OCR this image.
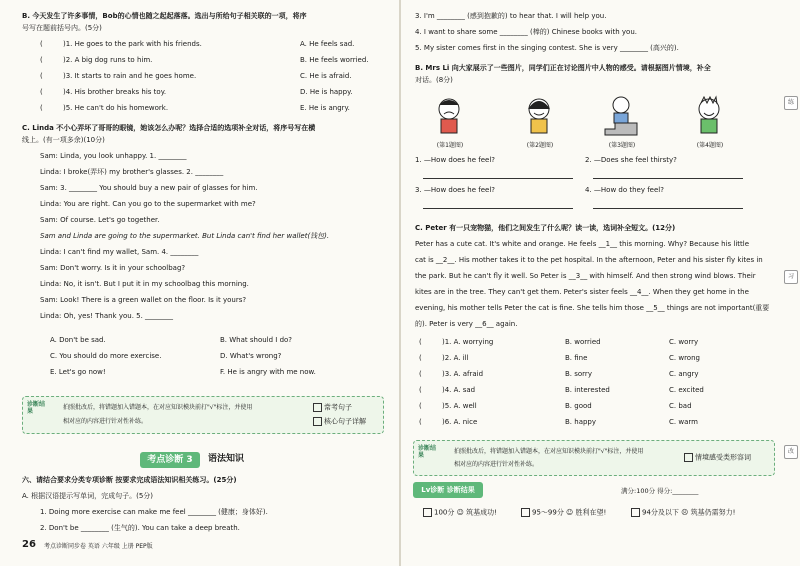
B. 今天发生了许多事情，Bob的心情也随之起起落落。选出与所给句子相关联的一项，将序
号写在题前括号内。(5分)
(	)1. He goes to the park with his friends.	A. He feels sad.
(	)2. A big dog runs to him.	B. He feels worried.
(	)3. It starts to rain and he goes home.	C. He is afraid.
(	)4. His brother breaks his toy.	D. He is happy.
(	)5. He can't do his homework.	E. He is angry.
C. Linda 不小心弄坏了哥哥的眼镜，她该怎么办呢？选择合适的选项补全对话，将序号写在横
线上。(有一项多余)(10分)
Sam: Linda, you look unhappy. 1. ________
Linda: I broke(弄坏) my brother's glasses. 2. ________
Sam: 3. ________ You should buy a new pair of glasses for him.
Linda: You are right. Can you go to the supermarket with me?
Sam: Of course. Let's go together.
Sam and Linda are going to the supermarket. But Linda can't find her wallet(钱包).
Linda: I can't find my wallet, Sam. 4. ________
Sam: Don't worry. Is it in your schoolbag?
Linda: No, it isn't. But I put it in my schoolbag this morning.
Sam: Look! There is a green wallet on the floor. Is it yours?
Linda: Oh, yes! Thank you. 5. ________
A. Don't be sad.	B. What should I do?
C. You should do more exercise.	D. What's wrong?
E. Let's go now!	F. He is angry with me now.
诊断结果
拍照批改后，将错题加入错题本，在对应知识模块前打"√"标注，并使用
相对应的内容进行针对性补练。
常考句子
核心句子详解
考点诊断 3	语法知识
六、请结合要求分类专项诊断 按要求完成语法知识相关练习。(25分)
A. 根据汉语提示写单词，完成句子。(5分)
1. Doing more exercise can make me feel ________ (健康；身体好).
2. Don't be ________ (生气的). You can take a deep breath.
26 考点诊断同步卷 英语 六年级 上册 PEP版
3. I'm ________ (感到抱歉的) to hear that. I will help you.
4. I want to share some ________ (棒的) Chinese books with you.
5. My sister comes first in the singing contest. She is very ________ (高兴的).
B. Mrs Li 向大家展示了一些图片，同学们正在讨论图片中人物的感受。请根据图片情境，补全
对话。(8分)
(第1题图)	(第2题图)	(第3题图)	(第4题图)
1. —How does he feel?	2. —Does she feel thirsty?
3. —How does he feel?	4. —How do they feel?
C. Peter 有一只宠物猫，他们之间发生了什么呢？读一读，选词补全短文。(12分)
Peter has a cute cat. It's white and orange. He feels __1__ this morning. Why? Because his little
cat is __2__. His mother takes it to the pet hospital. In the afternoon, Peter and his sister fly kites in
the park. But he can't fly it well. So Peter is __3__ with himself. And then strong wind blows. Their
kites are in the tree. They can't get them. Peter's sister feels __4__. When they get home in the
evening, his mother tells Peter the cat is fine. She tells him those __5__ things are not important(重要
的). Peter is very __6__ again.
(	)1. A. worrying	B. worried	C. worry
(	)2. A. ill	B. fine	C. wrong
(	)3. A. afraid	B. sorry	C. angry
(	)4. A. sad	B. interested	C. excited
(	)5. A. well	B. good	C. bad
(	)6. A. nice	B. happy	C. warm
诊断结果
拍照批改后，将错题加入错题本，在对应知识模块前打"√"标注，并使用
相对应的内容进行针对性补练。
情境感受类形容词
Lv诊断 诊断结果	满分:100分 得分:________
100分 ☺ 筑基成功!	95～99分 ☺ 胜利在望!	94分及以下 ☹ 筑基仍需努力!
练
习
改
